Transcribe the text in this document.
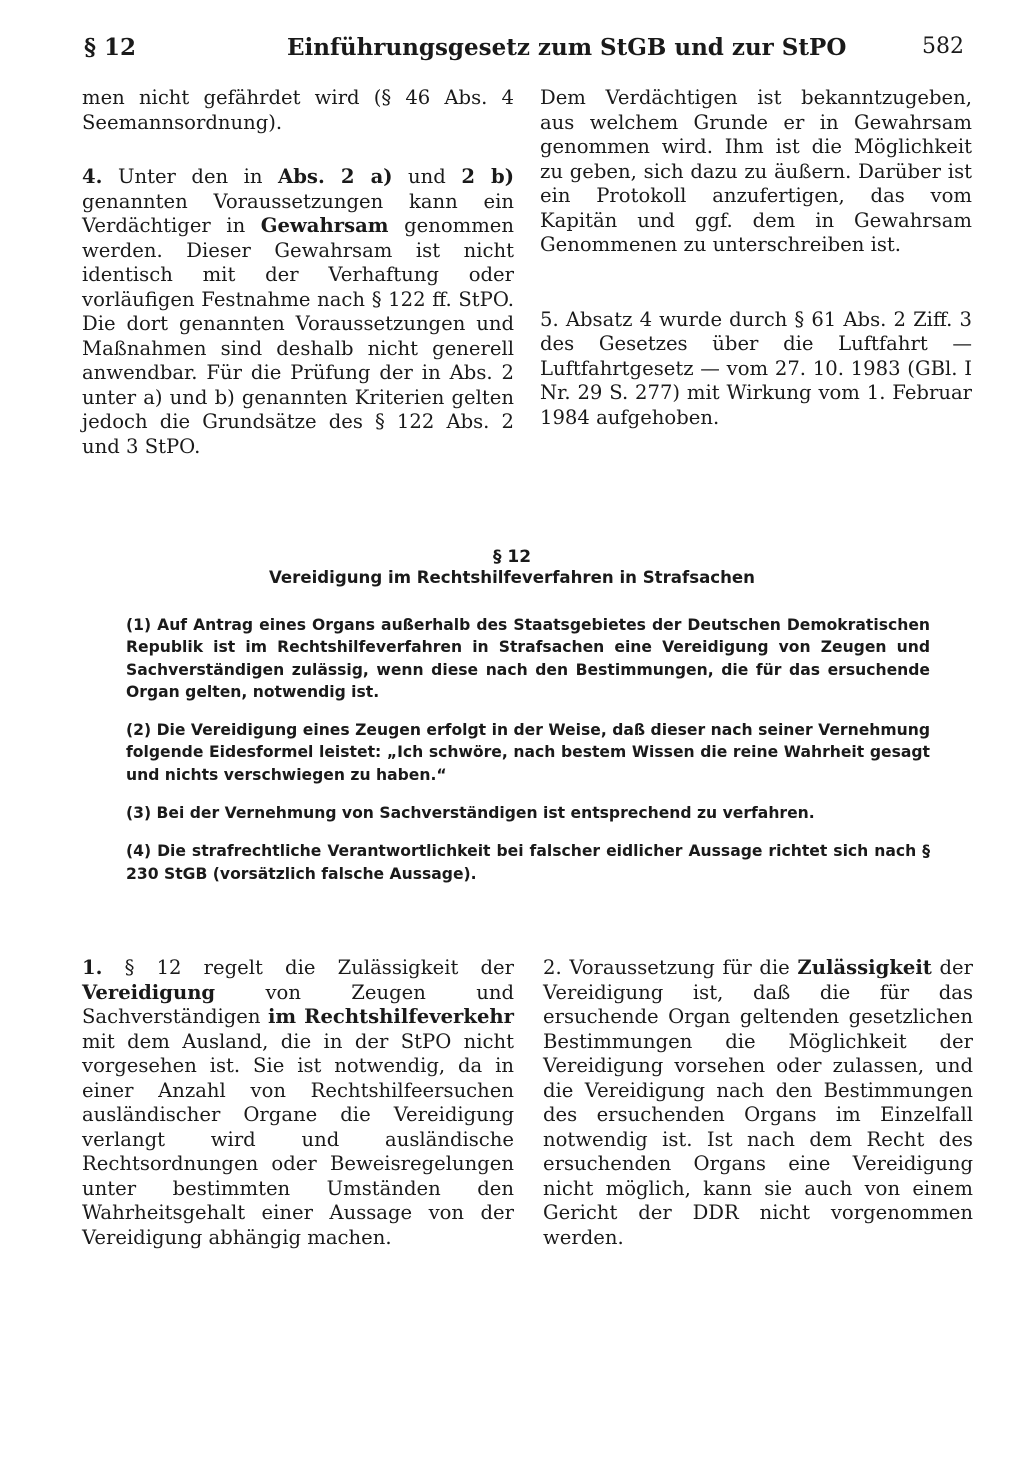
§ 12	Einführungsgesetz zum StGB und zur StPO	582

men nicht gefährdet wird (§ 46 Abs. 4 Seemannsordnung).

4. Unter den in Abs. 2 a) und 2 b) genannten Voraussetzungen kann ein Verdächtiger in Gewahrsam genommen werden. Dieser Gewahrsam ist nicht identisch mit der Verhaftung oder vorläufigen Festnahme nach § 122 ff. StPO. Die dort genannten Voraussetzungen und Maßnahmen sind deshalb nicht generell anwendbar. Für die Prüfung der in Abs. 2 unter a) und b) genannten Kriterien gelten jedoch die Grundsätze des § 122 Abs. 2 und 3 StPO.

Dem Verdächtigen ist bekanntzugeben, aus welchem Grunde er in Gewahrsam genommen wird. Ihm ist die Möglichkeit zu geben, sich dazu zu äußern. Darüber ist ein Protokoll anzufertigen, das vom Kapitän und ggf. dem in Gewahrsam Genommenen zu unterschreiben ist.

5. Absatz 4 wurde durch § 61 Abs. 2 Ziff. 3 des Gesetzes über die Luftfahrt — Luftfahrtgesetz — vom 27. 10. 1983 (GBl. I Nr. 29 S. 277) mit Wirkung vom 1. Februar 1984 aufgehoben.

§ 12
Vereidigung im Rechtshilfeverfahren in Strafsachen

(1) Auf Antrag eines Organs außerhalb des Staatsgebietes der Deutschen Demokratischen Republik ist im Rechtshilfeverfahren in Strafsachen eine Vereidigung von Zeugen und Sachverständigen zulässig, wenn diese nach den Bestimmungen, die für das ersuchende Organ gelten, notwendig ist.

(2) Die Vereidigung eines Zeugen erfolgt in der Weise, daß dieser nach seiner Vernehmung folgende Eidesformel leistet: „Ich schwöre, nach bestem Wissen die reine Wahrheit gesagt und nichts verschwiegen zu haben.“

(3) Bei der Vernehmung von Sachverständigen ist entsprechend zu verfahren.

(4) Die strafrechtliche Verantwortlichkeit bei falscher eidlicher Aussage richtet sich nach § 230 StGB (vorsätzlich falsche Aussage).

1. § 12 regelt die Zulässigkeit der Vereidigung von Zeugen und Sachverständigen im Rechtshilfeverkehr mit dem Ausland, die in der StPO nicht vorgesehen ist. Sie ist notwendig, da in einer Anzahl von Rechtshilfeersuchen ausländischer Organe die Vereidigung verlangt wird und ausländische Rechtsordnungen oder Beweisregelungen unter bestimmten Umständen den Wahrheitsgehalt einer Aussage von der Vereidigung abhängig machen.

2. Voraussetzung für die Zulässigkeit der Vereidigung ist, daß die für das ersuchende Organ geltenden gesetzlichen Bestimmungen die Möglichkeit der Vereidigung vorsehen oder zulassen, und die Vereidigung nach den Bestimmungen des ersuchenden Organs im Einzelfall notwendig ist. Ist nach dem Recht des ersuchenden Organs eine Vereidigung nicht möglich, kann sie auch von einem Gericht der DDR nicht vorgenommen werden.
